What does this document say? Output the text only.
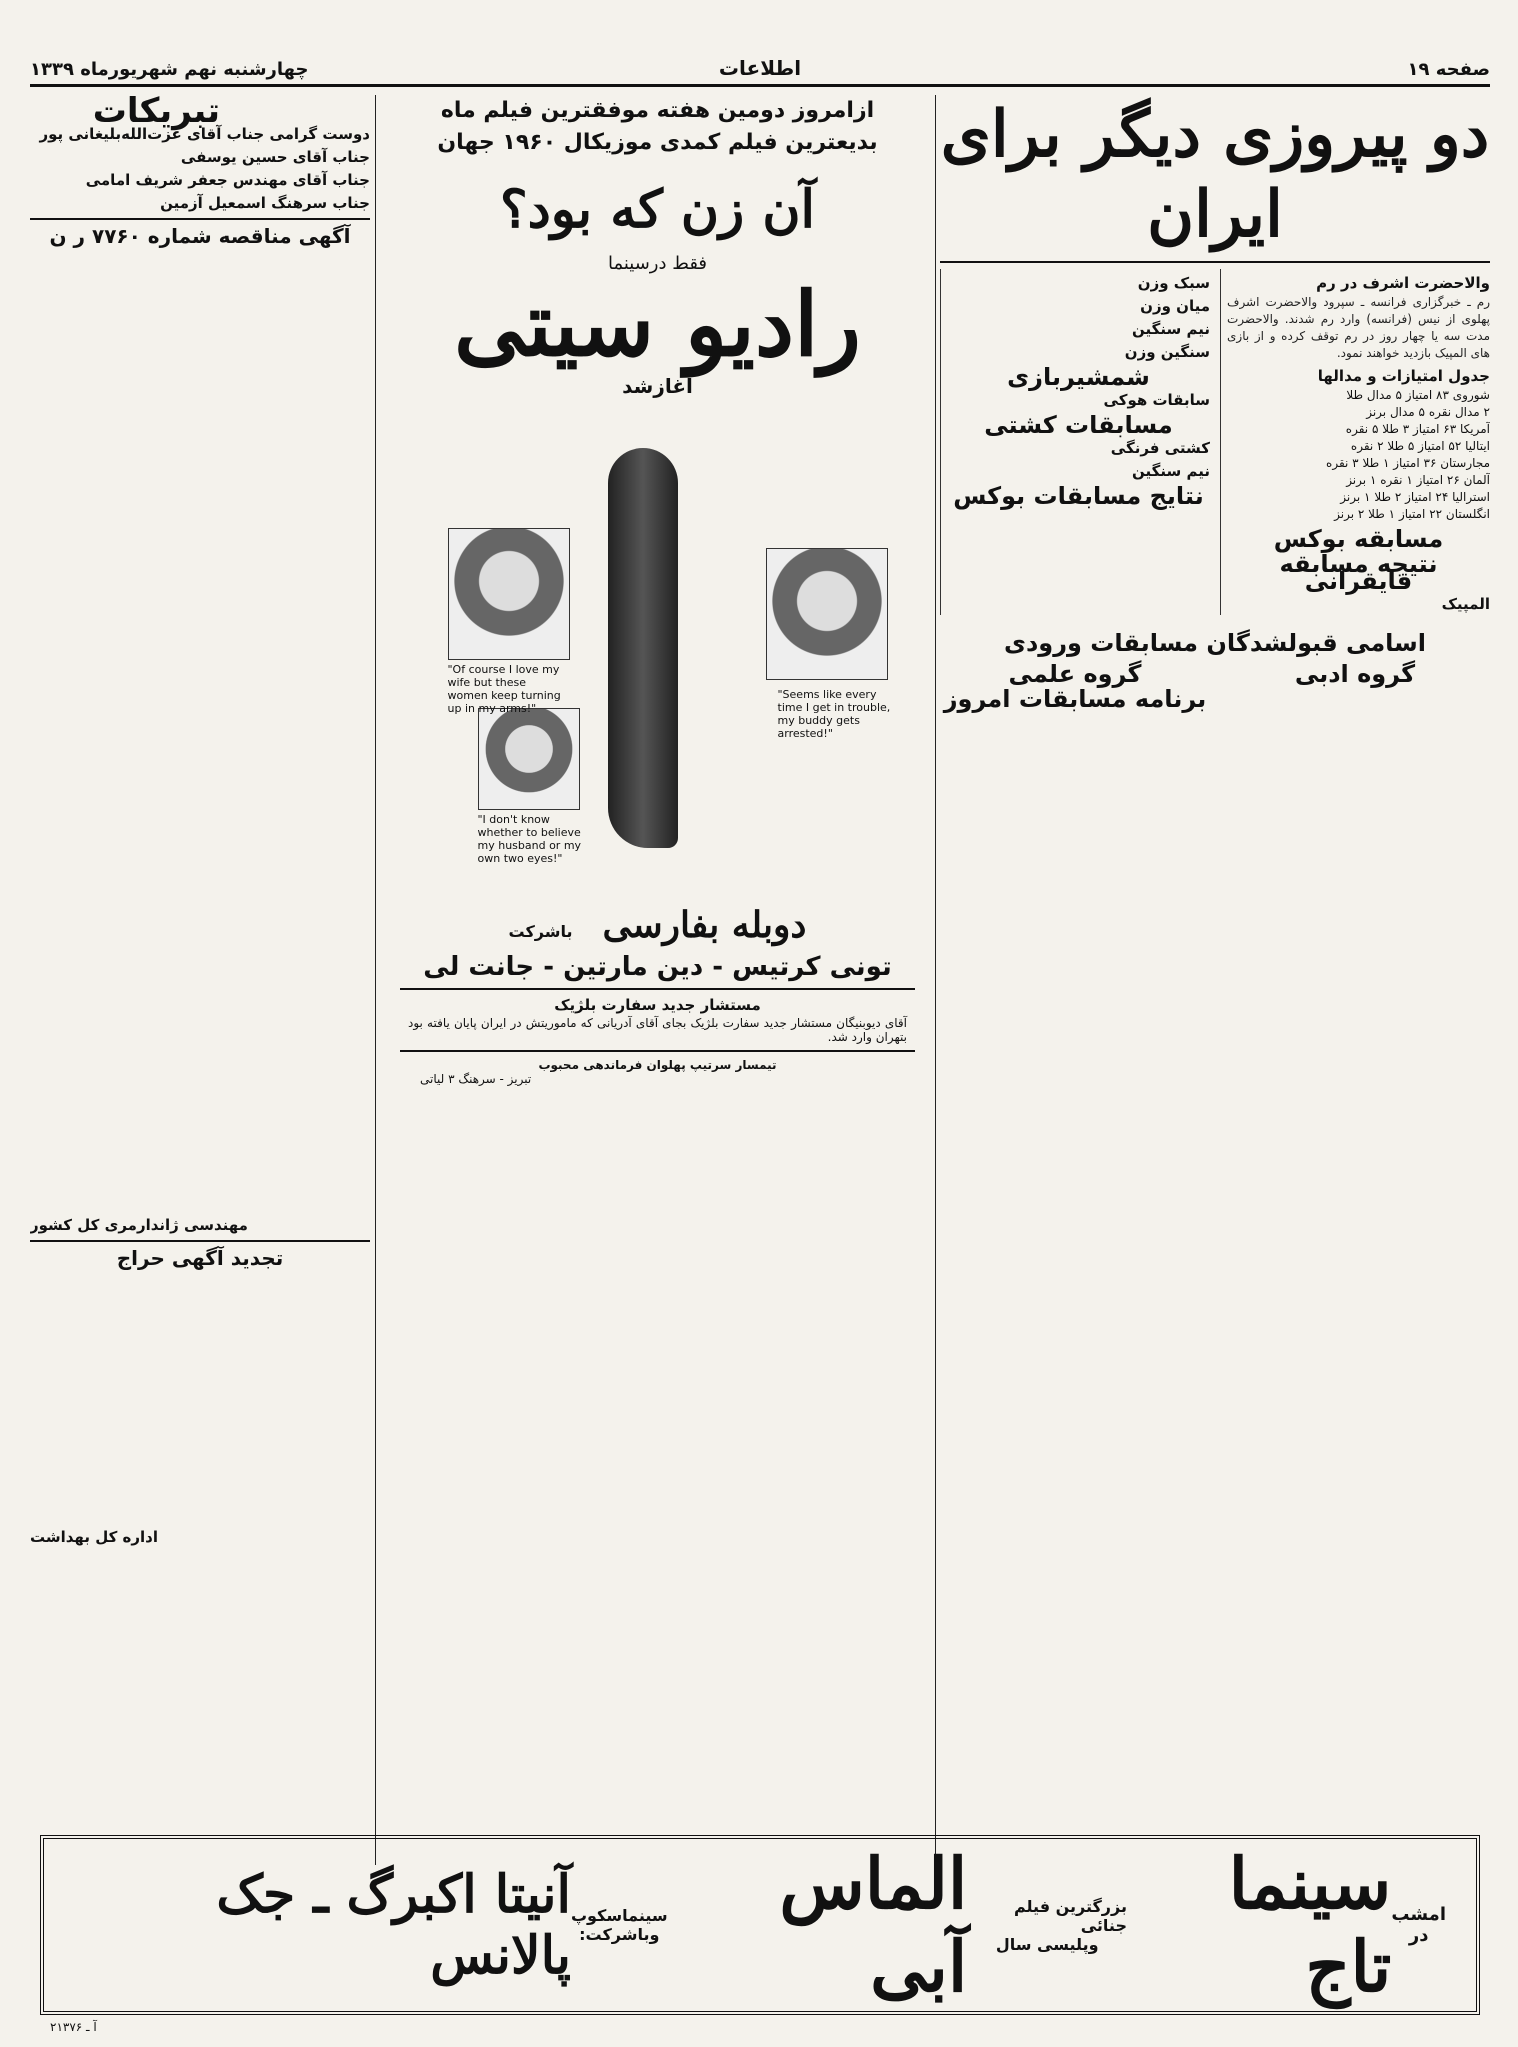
صفحه ۱۹
اطلاعات
چهارشنبه نهم شهریورماه ۱۳۳۹
دو پیروزی دیگر برای ایران
والاحضرت اشرف در رم

رم ـ خبرگزاری فرانسه ـ سپرود والاحضرت اشرف پهلوی از نیس (فرانسه) وارد رم شدند. والاحضرت مدت سه یا چهار روز در رم توقف کرده و از بازی های المپیک بازدید خواهند نمود.

جدول امتیازات و مدالها
شوروی ۸۳ امتیاز ۵ مدال طلا
۲ مدال نقره ۵ مدال برنز
آمریکا ۶۳ امتیاز ۳ طلا ۵ نقره
ایتالیا ۵۲ امتیاز ۵ طلا ۲ نقره
مجارستان ۳۶ امتیاز ۱ طلا ۳ نقره
آلمان ۲۶ امتیاز ۱ نقره ۱ برنز
استرالیا ۲۴ امتیاز ۲ طلا ۱ برنز
انگلستان ۲۲ امتیاز ۱ طلا ۲ برنز
مسابقه بوکس
نتیجه مسابقه قایقرانی
المپیک
سبک وزن
میان وزن
نیم سنگین
سنگین وزن
شمشیربازی
سابقات هوکی
مسابقات کشتی
کشتی فرنگی
نیم سنگین
نتایج مسابقات بوکس
اسامی قبولشدگان مسابقات ورودی
گروه ادبی
گروه علمی
برنامه مسابقات امروز
ازامروز دومین هفته موفقترین فیلم ماه
بدیعترین فیلم کمدی موزیکال ۱۹۶۰ جهان
آن زن که بود؟
فقط درسینما
رادیو سیتی
آغازشد
"Of course I love my wife but these women keep turning up in my arms!"
"Seems like every time I get in trouble, my buddy gets arrested!"
"I don't know whether to believe my husband or my own two eyes!"
دوبله بفارسی
باشرکت
تونی کرتیس - دین مارتین - جانت لی
مستشار جدید سفارت بلژیک
آقای دیوبنیگان مستشار جدید سفارت بلژیک بجای آقای آدریانی که ماموریتش در ایران پایان یافته بود بتهران وارد شد.
تیمسار سرتیپ پهلوان فرماندهی محبوب
تبریز - سرهنگ ۳ لیاتی
تبریکات
دوست گرامی جناب آقای عزت‌الله‌بلیغانی پور
جناب آقای حسین یوسفی
جناب آقای مهندس جعفر شریف امامی
جناب سرهنگ اسمعیل آزمین
آگهی مناقصه شماره ۷۷۶۰ ر ن
مهندسی ژاندارمری کل کشور
تجدید آگهی حراج
اداره کل بهداشت
امشب
در
سینما تاج
بزرگترین فیلم جنائی
وپلیسی سال
الماس آبی
سینماسکوپ
وباشرکت:
آنیتا اکبرگ ـ جک پالانس
آ ـ ۲۱۳۷۶
